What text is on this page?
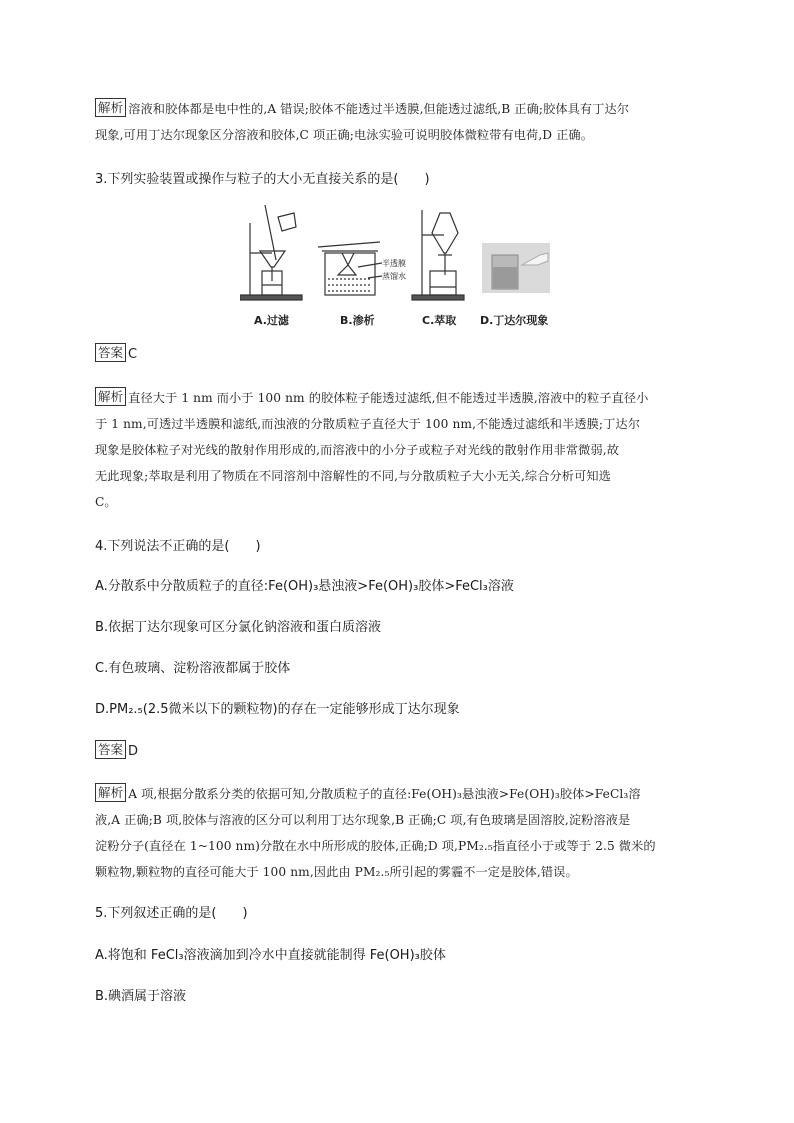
解析 溶液和胶体都是电中性的,A 错误;胶体不能透过半透膜,但能透过滤纸,B 正确;胶体具有丁达尔
现象,可用丁达尔现象区分溶液和胶体,C 项正确;电泳实验可说明胶体微粒带有电荷,D 正确。
3.下列实验装置或操作与粒子的大小无直接关系的是(　　)
半透膜
蒸馏水
A.过滤	B.渗析	C.萃取 D.丁达尔现象
答案 C
解析 直径大于 1 nm 而小于 100 nm 的胶体粒子能透过滤纸,但不能透过半透膜,溶液中的粒子直径小
于 1 nm,可透过半透膜和滤纸,而浊液的分散质粒子直径大于 100 nm,不能透过滤纸和半透膜;丁达尔
现象是胶体粒子对光线的散射作用形成的,而溶液中的小分子或粒子对光线的散射作用非常微弱,故
无此现象;萃取是利用了物质在不同溶剂中溶解性的不同,与分散质粒子大小无关,综合分析可知选
C。
4.下列说法不正确的是(　　)
A.分散系中分散质粒子的直径:Fe(OH)₃悬浊液>Fe(OH)₃胶体>FeCl₃溶液
B.依据丁达尔现象可区分氯化钠溶液和蛋白质溶液
C.有色玻璃、淀粉溶液都属于胶体
D.PM₂.₅(2.5微米以下的颗粒物)的存在一定能够形成丁达尔现象
答案 D
解析 A 项,根据分散系分类的依据可知,分散质粒子的直径:Fe(OH)₃悬浊液>Fe(OH)₃胶体>FeCl₃溶
液,A 正确;B 项,胶体与溶液的区分可以利用丁达尔现象,B 正确;C 项,有色玻璃是固溶胶,淀粉溶液是
淀粉分子(直径在 1~100 nm)分散在水中所形成的胶体,正确;D 项,PM₂.₅指直径小于或等于 2.5 微米的
颗粒物,颗粒物的直径可能大于 100 nm,因此由 PM₂.₅所引起的雾霾不一定是胶体,错误。
5.下列叙述正确的是(　　)
A.将饱和 FeCl₃溶液滴加到冷水中直接就能制得 Fe(OH)₃胶体
B.碘酒属于溶液
